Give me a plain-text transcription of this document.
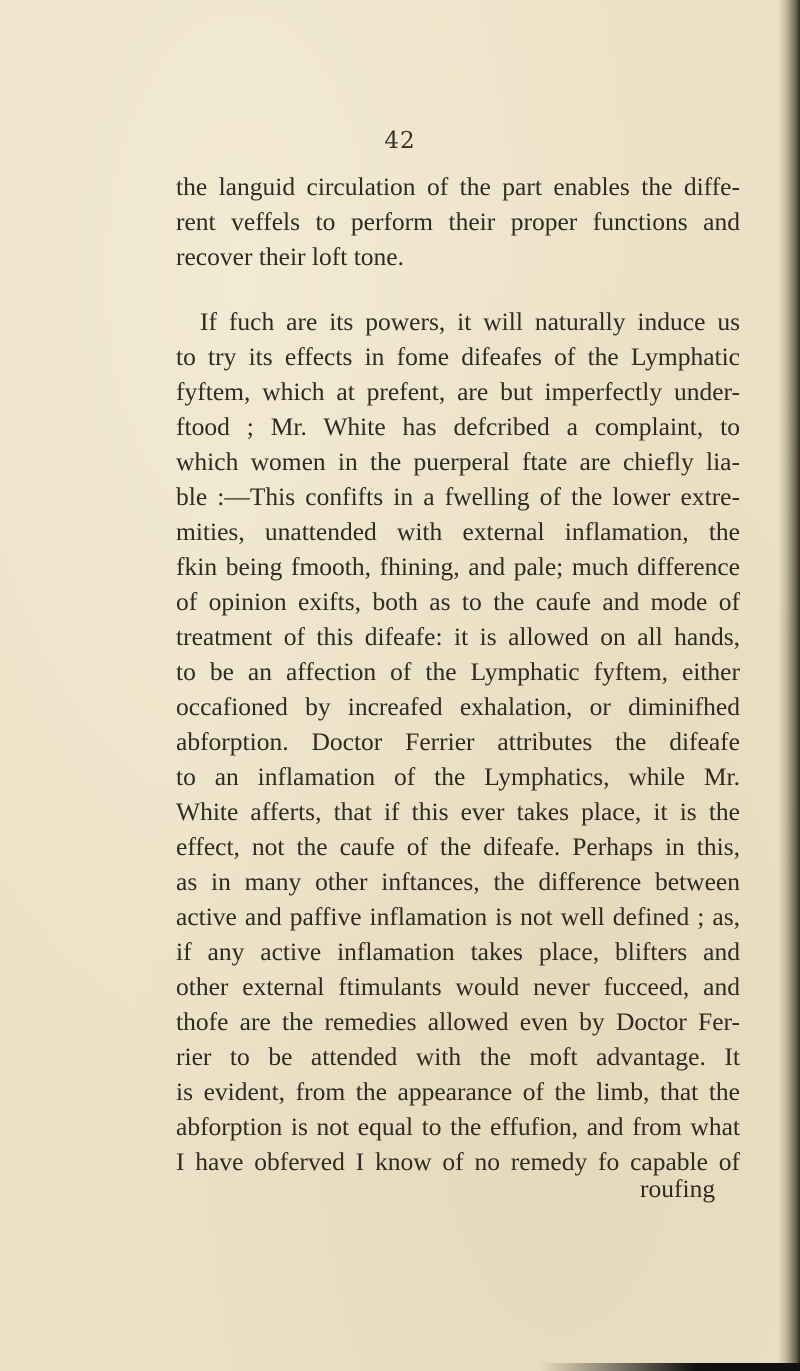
42
the languid circulation of the part enables the diffe-
rent veffels to perform their proper functions and
recover their loft tone.
If fuch are its powers, it will naturally induce us
to try its effects in fome difeafes of the Lymphatic
fyftem, which at prefent, are but imperfectly under-
ftood ; Mr. White has defcribed a complaint, to
which women in the puerperal ftate are chiefly lia-
ble :—This confifts in a fwelling of the lower extre-
mities, unattended with external inflamation, the
fkin being fmooth, fhining, and pale; much difference
of opinion exifts, both as to the caufe and mode of
treatment of this difeafe: it is allowed on all hands,
to be an affection of the Lymphatic fyftem, either
occafioned by increafed exhalation, or diminifhed
abforption. Doctor Ferrier attributes the difeafe
to an inflamation of the Lymphatics, while Mr.
White afferts, that if this ever takes place, it is the
effect, not the caufe of the difeafe. Perhaps in this,
as in many other inftances, the difference between
active and paffive inflamation is not well defined ; as,
if any active inflamation takes place, blifters and
other external ftimulants would never fucceed, and
thofe are the remedies allowed even by Doctor Fer-
rier to be attended with the moft advantage. It
is evident, from the appearance of the limb, that the
abforption is not equal to the effufion, and from what
I have obferved I know of no remedy fo capable of
roufing
